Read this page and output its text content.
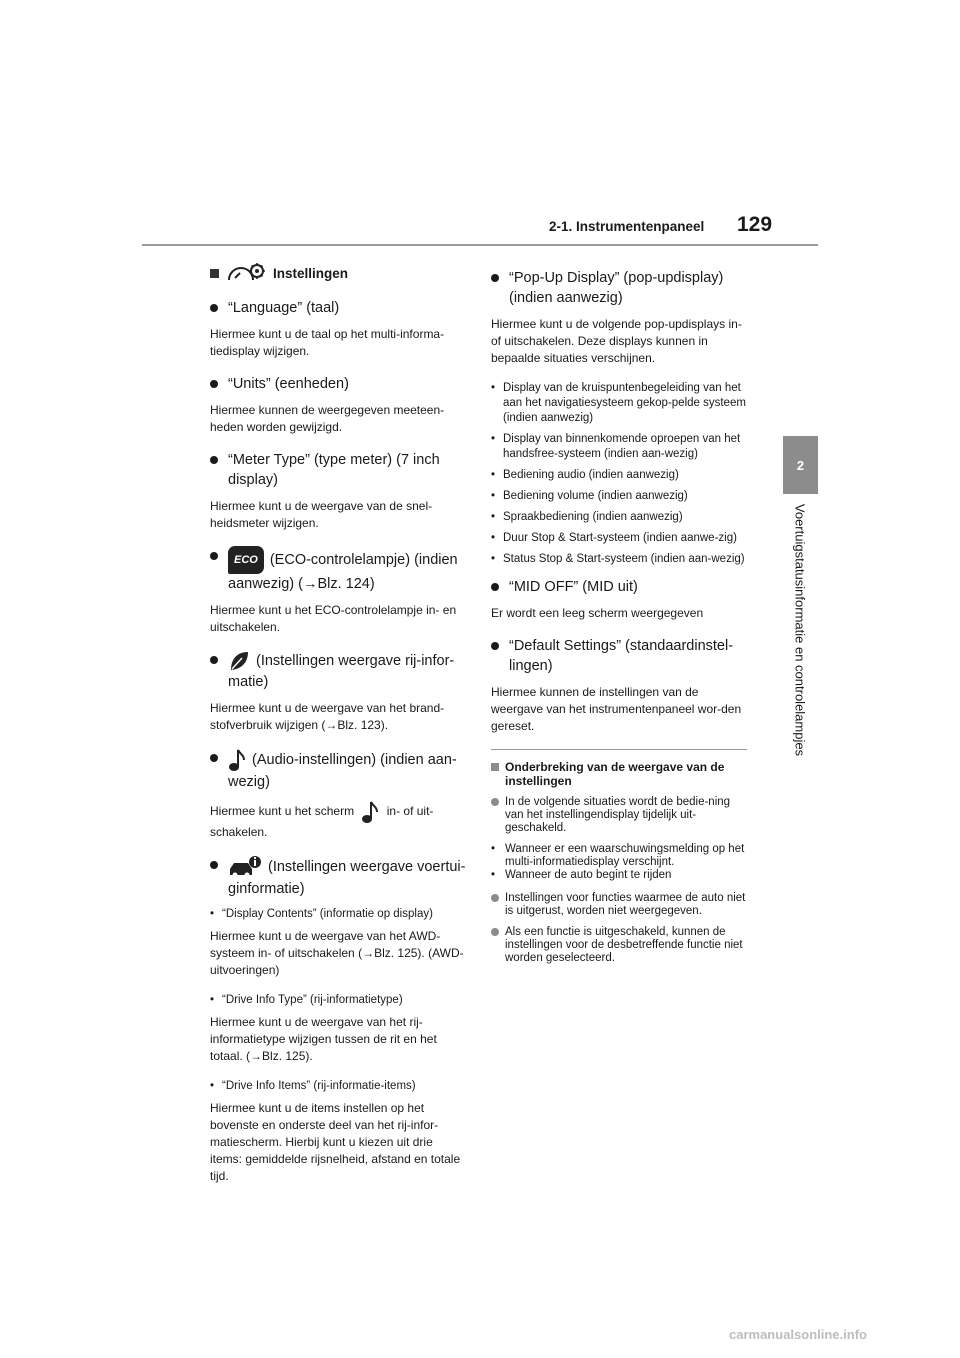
2-1. Instrumentenpaneel 129
2
Voertuigstatusinformatie en controlelampjes
Instellingen
“Language” (taal)

Hiermee kunt u de taal op het multi-informa-tiedisplay wijzigen.

“Units” (eenheden)

Hiermee kunnen de weergegeven meeteen-heden worden gewijzigd.

“Meter Type” (type meter) (7 inch display)

Hiermee kunt u de weergave van de snel-heidsmeter wijzigen.

ECO (ECO-controlelampje) (indien aanwezig) (→Blz. 124)

Hiermee kunt u het ECO-controlelampje in- en uitschakelen.

(Instellingen weergave rij-infor-matie)

Hiermee kunt u de weergave van het brand-stofverbruik wijzigen (→Blz. 123).

(Audio-instellingen) (indien aan-wezig)

Hiermee kunt u het scherm	in- of uit-schakelen.

(Instellingen weergave voertui-ginformatie)
• “Display Contents” (informatie op display)

Hiermee kunt u de weergave van het AWD-systeem in- of uitschakelen (→Blz. 125). (AWD-uitvoeringen)

• “Drive Info Type” (rij-informatietype)

Hiermee kunt u de weergave van het rij-informatietype wijzigen tussen de rit en het totaal. (→Blz. 125).

• “Drive Info Items” (rij-informatie-items)

Hiermee kunt u de items instellen op het bovenste en onderste deel van het rij-infor-matiescherm. Hierbij kunt u kiezen uit drie items: gemiddelde rijsnelheid, afstand en totale tijd.

“Pop-Up Display” (pop-updisplay) (indien aanwezig)

Hiermee kunt u de volgende pop-updisplays in- of uitschakelen. Deze displays kunnen in bepaalde situaties verschijnen.

• Display van de kruispuntenbegeleiding van het aan het navigatiesysteem gekop-pelde systeem (indien aanwezig)
• Display van binnenkomende oproepen van het handsfree-systeem (indien aan-wezig)
• Bediening audio (indien aanwezig)
• Bediening volume (indien aanwezig)
• Spraakbediening (indien aanwezig)
• Duur Stop & Start-systeem (indien aanwe-zig)
• Status Stop & Start-systeem (indien aan-wezig)
“MID OFF” (MID uit)

Er wordt een leeg scherm weergegeven

“Default Settings” (standaardinstel-lingen)

Hiermee kunnen de instellingen van de weergave van het instrumentenpaneel wor-den gereset.

Onderbreking van de weergave van de instellingen
In de volgende situaties wordt de bedie-ning van het instellingendisplay tijdelijk uit-geschakeld.
• Wanneer er een waarschuwingsmelding op het multi-informatiedisplay verschijnt.
• Wanneer de auto begint te rijden
Instellingen voor functies waarmee de auto niet is uitgerust, worden niet weergegeven.
Als een functie is uitgeschakeld, kunnen de instellingen voor de desbetreffende functie niet worden geselecteerd.
carmanualsonline.info
